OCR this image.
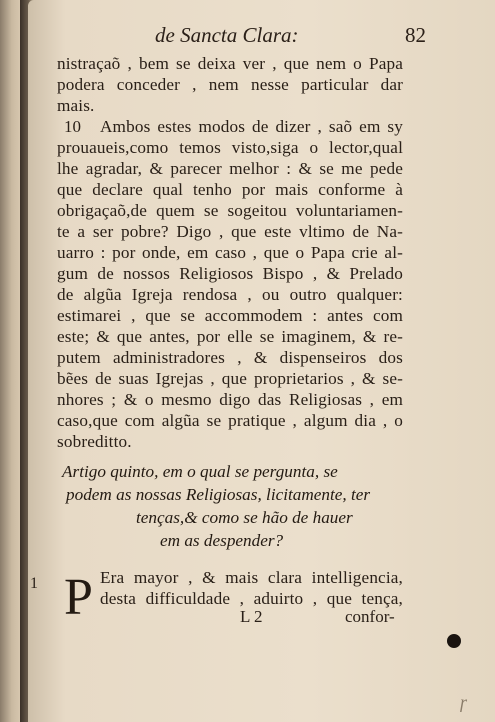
de Sancta Clara:	82
nistraçaõ , bem se deixa ver , que nem o Papa
podera conceder , nem nesse particular dar
mais.
10	Ambos estes modos de dizer , saõ em sy
prouaueis,como temos visto,siga o lector,qual
lhe agradar, & parecer melhor : & se me pede
que declare qual tenho por mais conforme à
obrigaçaõ,de quem se sogeitou voluntariamen-
te a ser pobre? Digo , que este vltimo de Na-
uarro : por onde, em caso , que o Papa crie al-
gum de nossos Religiosos Bispo , & Prelado
de algũa Igreja rendosa , ou outro qualquer:
estimarei , que se accommodem : antes com
este; & que antes, por elle se imaginem, & re-
putem administradores , & dispenseiros dos
bẽes de suas Igrejas , que proprietarios , & se-
nhores ; & o mesmo digo das Religiosas , em
caso,que com algũa se pratique , algum dia , o
sobreditto.
Artigo quinto, em o qual se pergunta, se
podem as nossas Religiosas, licitamente, ter
tenças,& como se hão de hauer
em as despender?
1 P Era mayor , & mais clara intelligencia,
desta difficuldade , aduirto , que tença,
L 2	confor-
ɼ
